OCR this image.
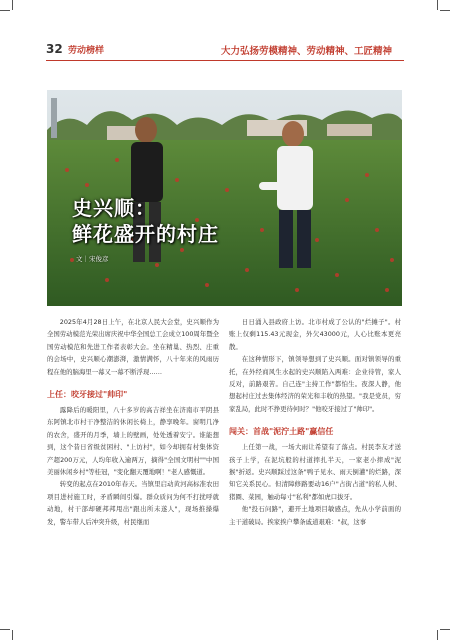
32 劳动榜样	大力弘扬劳模精神、劳动精神、工匠精神
史兴顺：
鲜花盛开的村庄
文｜宋俊彦

2025年4月28日上午，在北京人民大会堂，史兴顺作为全国劳动模范光荣出席庆祝中华全国总工会成立100周年暨全国劳动模范和先进工作者表彰大会。坐在精巢、热烈、庄重的会场中，史兴顺心潮澎湃，激情满怀，八十年来的风雨历程在他的脑海里一幕又一幕不断浮现……

上任：咬牙接过"帅印"

露降后的暖阳里，八十多岁的高吉祥坐在济南市平阴县东阿镇北市村干净整洁的休闲长椅上，静享晚年。窗明几净的农舍，盛开的月季，墙上的壁画，处处透着安宁。谁能想到，这个昔日省级贫困村、"上访村"，如今却拥有村集体资产超200万元，人均年收入逾两万，摘得"全国文明村""中国美丽休闲乡村"等桂冠，"变化翻天覆地啊！"老人感慨道。

转变的起点在2010年春天。当镇里启动黄河高标准农田项目进村施工时，矛盾瞬间引爆。群众质问为何不打扰呼就动地，村干部却硬邦邦甩出"跟出所未遂人"，现场推搡爆发，警车带人后冲突升级，村民继而

日日涌入县政府上访。北市村成了公认的"烂摊子"。村账上仅剩115.43元现金，外欠43000元，人心比账本更亮散。

在这种情形下，镇领导想到了史兴顺。面对镇领导的重托，在外经商风生水起的史兴顺陷入两难：企业待管，家人反对，前路艰苦。自己连"主持工作"都怕生。夜深人静，他想起村庄过去集体经济的荣光和丰收的热望。"我是党员，穷家乱局，此时不挣更待何时？"他咬牙接过了"帅印"。

闯关：首战"泥泞土路"赢信任

上任第一战，一场大雨让希望有了落点。村民李友才送孩子上学，在泥坑般的村道摔扎半天，一家老小摔成"泥猴"折返。史兴顺踩过这条"鸭子见水、雨天倒灌"的烂路，深知它关系民心。但清障修路要动16户"占街占道"的私人树、猪圈、菜园，触动每寸"私利"都如虎口拔牙。

他"投石问路"，避开土地项目敏感点，先从小学前面的主干道破局。挨家挨户攀条戚道艰难："叔，这事
